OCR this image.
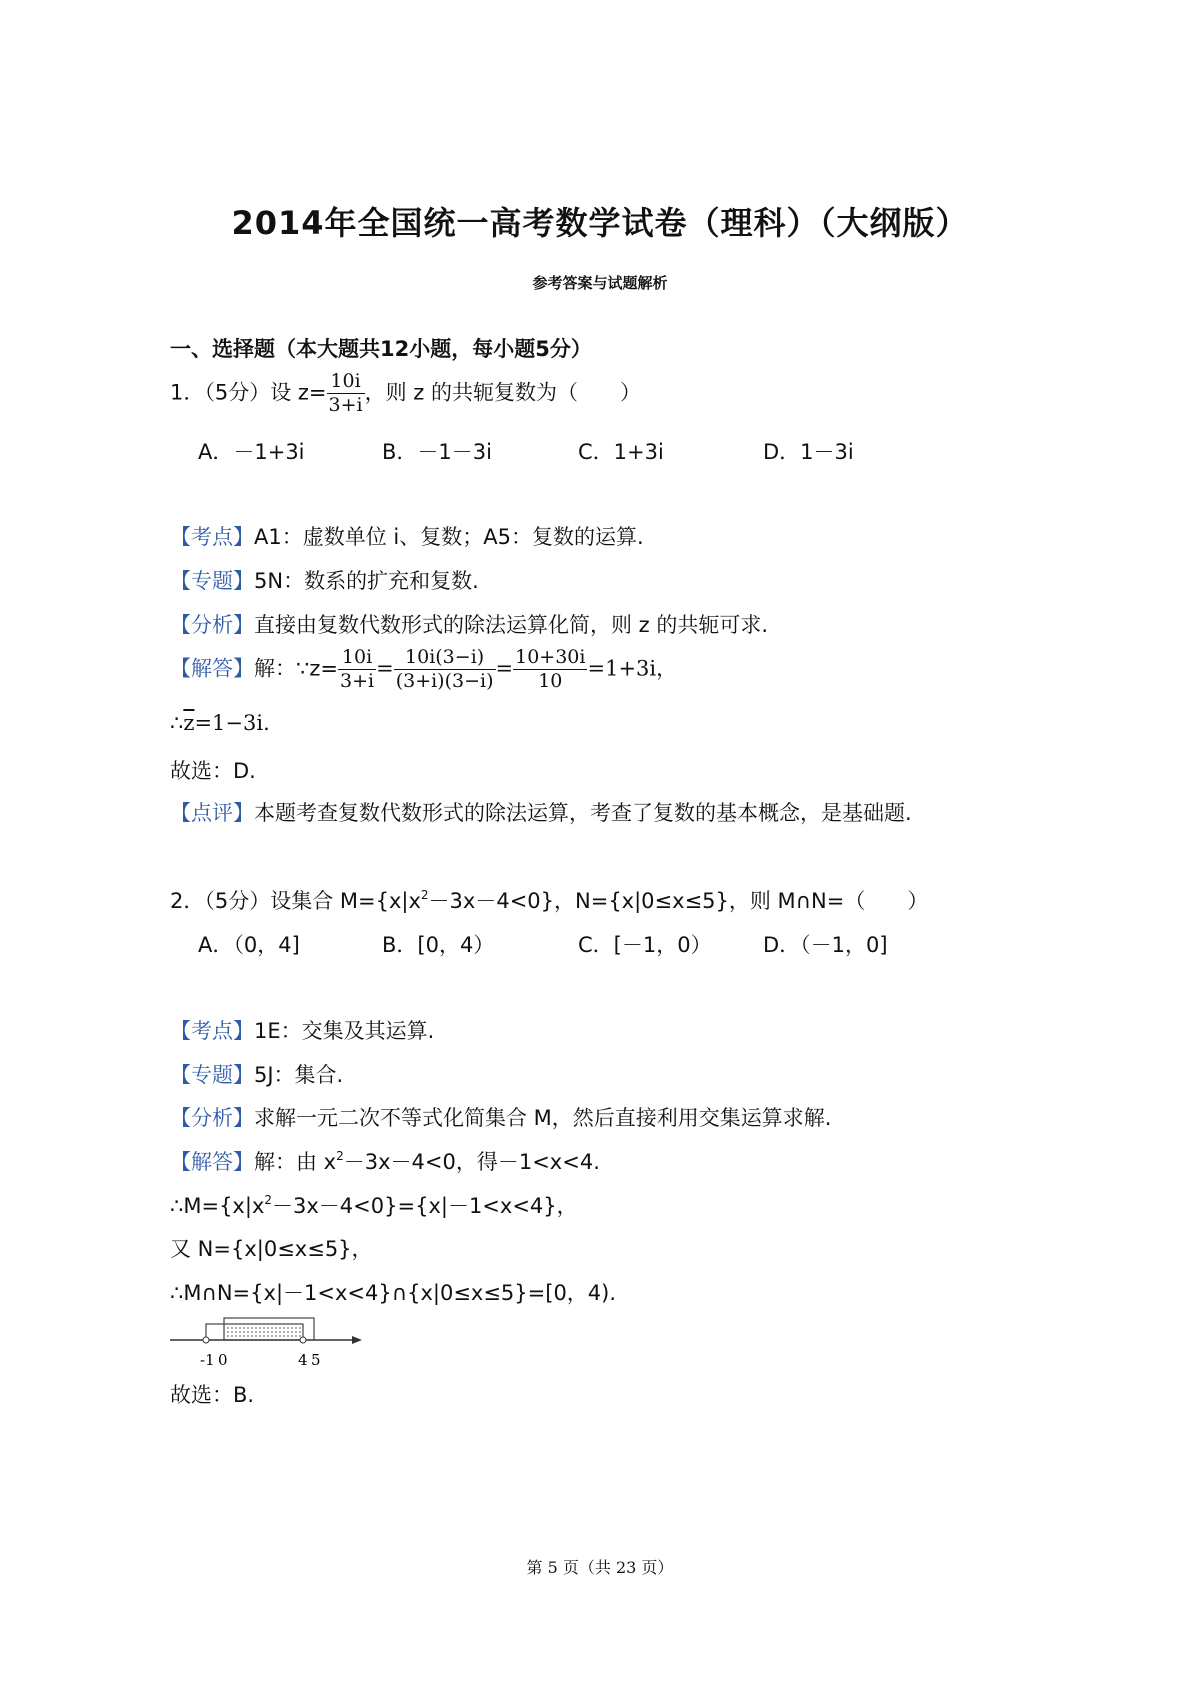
2014年全国统一高考数学试卷（理科）（大纲版）
参考答案与试题解析
一、选择题（本大题共12小题，每小题5分）
1．（5分）设 $z= \frac{10i}{3+i}$ ，则 z 的共轭复数为（　　）
A．－1+3i	B．－1－3i	C．1+3i	D．1－3i
【考点】A1：虚数单位 i、复数；A5：复数的运算.
【专题】5N：数系的扩充和复数.
【分析】直接由复数代数形式的除法运算化简，则 z 的共轭可求.
【解答】解：∵z= $\frac{10i}{3+i} = \frac{10i(3-i)}{(3+i)(3-i)} = \frac{10+30i}{10} =1+3i$，
$\therefore\overline{z}=1-3i$.
故选：D.
【点评】本题考查复数代数形式的除法运算，考查了复数的基本概念，是基础题.
2．（5分）设集合 $M=\{x|x^2-3x-4<0\}$，N={x|0≤x≤5}，则 M∩N=（　　）
A．（0，4]	B．[0，4）	C．[－1，0） D．（－1，0]
【考点】1E：交集及其运算.
【专题】5J：集合.
【分析】求解一元二次不等式化简集合 M，然后直接利用交集运算求解.
【解答】解：由 $x^2-3x-4<0$，得－1<x<4.
$\therefore M=\{x|x^2-3x-4<0\}=\{x|-1<x<4\}$，
又 N={x|0≤x≤5}，
∴M∩N={x|－1<x<4}∩{x|0≤x≤5}=[0，4).
-1 0	4 5
故选：B.
第 5 页（共 23 页）
